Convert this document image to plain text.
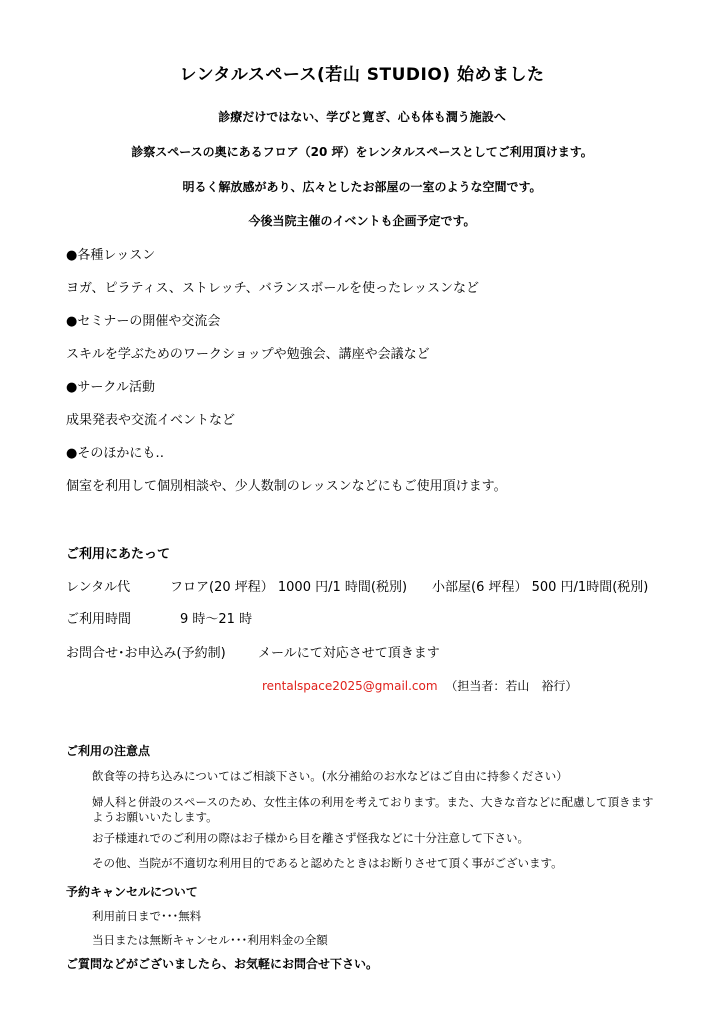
レンタルスペース(若山 STUDIO) 始めました
診療だけではない、学びと寛ぎ、心も体も潤う施設へ
診察スペースの奥にあるフロア（20 坪）をレンタルスペースとしてご利用頂けます。
明るく解放感があり、広々としたお部屋の一室のような空間です。
今後当院主催のイベントも企画予定です。
●各種レッスン
ヨガ、ピラティス、ストレッチ、バランスボールを使ったレッスンなど
●セミナーの開催や交流会
スキルを学ぶためのワークショップや勉強会、講座や会議など
●サークル活動
成果発表や交流イベントなど
●そのほかにも‥
個室を利用して個別相談や、少人数制のレッスンなどにもご使用頂けます。
ご利用にあたって
レンタル代	フロア(20 坪程） 1000 円/1 時間(税別) 小部屋(6 坪程） 500 円/1時間(税別)
ご利用時間	9 時～21 時
お問合せ･お申込み(予約制) メールにて対応させて頂きます
rentalspace2025@gmail.com （担当者：若山　裕行）
ご利用の注意点
飲食等の持ち込みについてはご相談下さい。(水分補給のお水などはご自由に持参ください）
婦人科と併設のスペースのため、女性主体の利用を考えております。また、大きな音などに配慮して頂きますようお願いいたします。
お子様連れでのご利用の際はお子様から目を離さず怪我などに十分注意して下さい。
その他、当院が不適切な利用目的であると認めたときはお断りさせて頂く事がございます。
予約キャンセルについて
利用前日まで･･･無料
当日または無断キャンセル･･･利用料金の全額
ご質問などがございましたら、お気軽にお問合せ下さい。
